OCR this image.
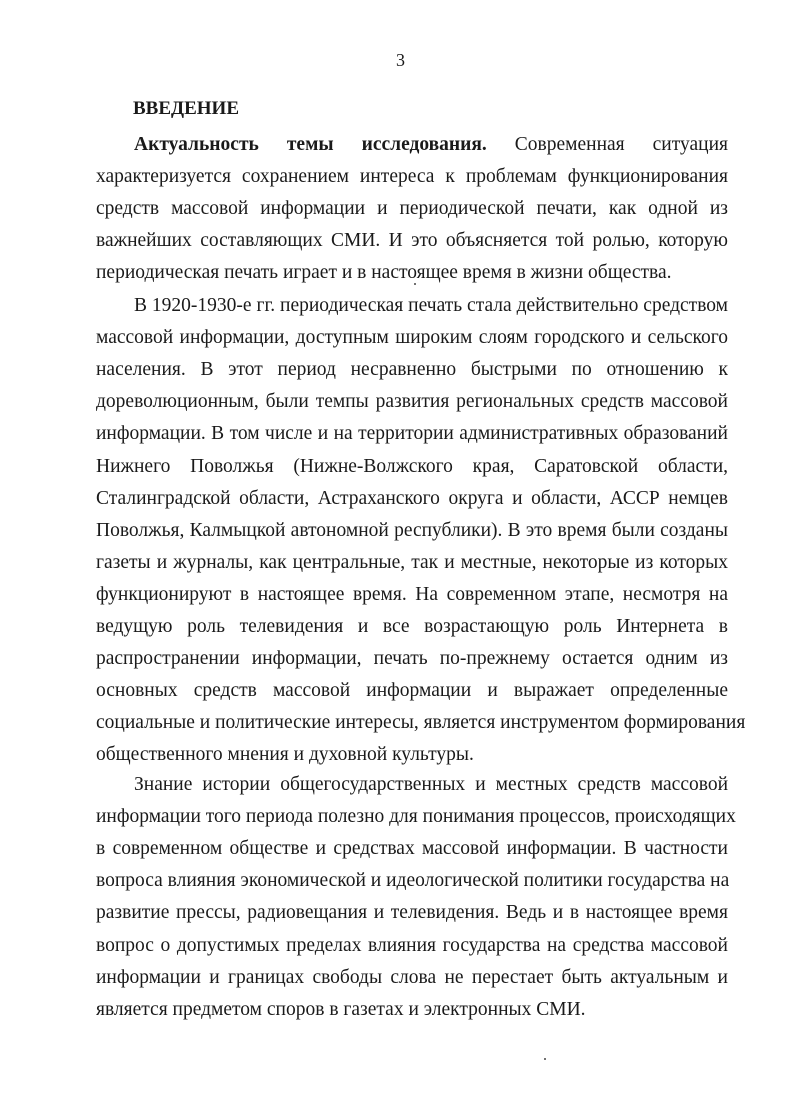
3
ВВЕДЕНИЕ
Актуальность темы исследования. Современная ситуация
характеризуется сохранением интереса к проблемам функционирования
средств массовой информации и периодической печати, как одной из
важнейших составляющих СМИ. И это объясняется той ролью, которую
периодическая печать играет и в настоящее время в жизни общества.
В 1920-1930-е гг. периодическая печать стала действительно средством
массовой информации, доступным широким слоям городского и сельского
населения. В этот период несравненно быстрыми по отношению к
дореволюционным, были темпы развития региональных средств массовой
информации. В том числе и на территории административных образований
Нижнего Поволжья (Нижне-Волжского края, Саратовской области,
Сталинградской области, Астраханского округа и области, АССР немцев
Поволжья, Калмыцкой автономной республики). В это время были созданы
газеты и журналы, как центральные, так и местные, некоторые из которых
функционируют в настоящее время. На современном этапе, несмотря на
ведущую роль телевидения и все возрастающую роль Интернета в
распространении информации, печать по-прежнему остается одним из
основных средств массовой информации и выражает определенные
социальные и политические интересы, является инструментом формирования
общественного мнения и духовной культуры.
Знание истории общегосударственных и местных средств массовой
информации того периода полезно для понимания процессов, происходящих
в современном обществе и средствах массовой информации. В частности
вопроса влияния экономической и идеологической политики государства на
развитие прессы, радиовещания и телевидения. Ведь и в настоящее время
вопрос о допустимых пределах влияния государства на средства массовой
информации и границах свободы слова не перестает быть актуальным и
является предметом споров в газетах и электронных СМИ.
